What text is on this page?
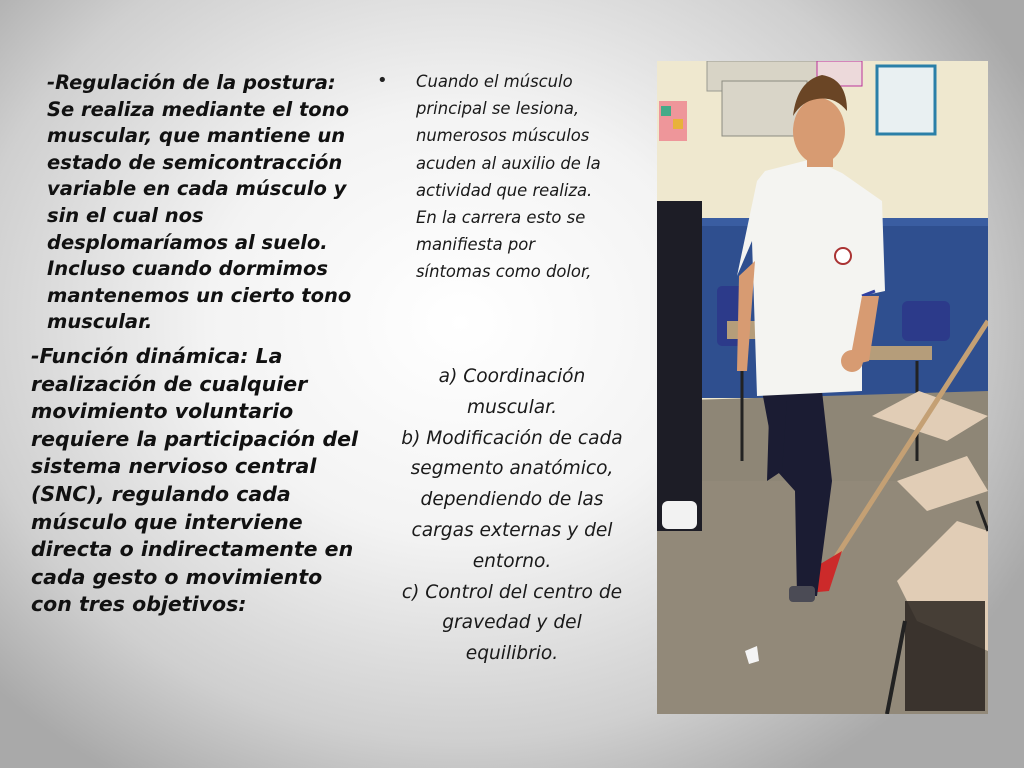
-Regulación de la postura: Se realiza mediante el tono muscular, que mantiene un estado de semicontracción variable en cada músculo y sin el cual nos desplomaríamos al suelo. Incluso cuando dormimos mantenemos un cierto tono muscular.
-Función dinámica: La realización de cualquier movimiento voluntario requiere la participación del sistema nervioso central (SNC), regulando cada músculo que interviene directa o indirectamente en cada gesto o movimiento con tres objetivos:
• Cuando el músculo principal se lesiona, numerosos músculos acuden al auxilio de la actividad que realiza. En la carrera esto se manifiesta por síntomas como dolor,
a) Coordinación muscular.
b) Modificación de cada segmento anatómico, dependiendo de las cargas externas y del entorno.
c) Control del centro de gravedad y del equilibrio.
